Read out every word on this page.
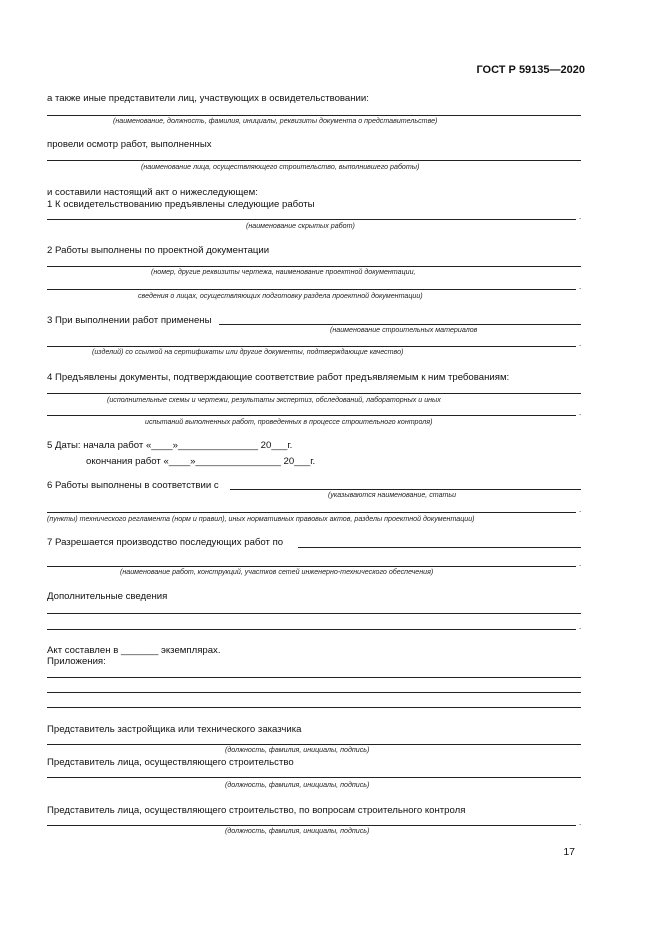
ГОСТ Р 59135—2020
а также иные представители лиц, участвующих в освидетельствовании:
(наименование, должность, фамилия, инициалы, реквизиты документа о представительстве)
провели осмотр работ, выполненных
(наименование лица, осуществляющего строительство, выполнившего работы)
и составили настоящий акт о нижеследующем:
1 К освидетельствованию предъявлены следующие работы
.
(наименование скрытых работ)
2 Работы выполнены по проектной документации
(номер, другие реквизиты чертежа, наименование проектной документации,
.
сведения о лицах, осуществляющих подготовку раздела проектной документации)
3 При выполнении работ применены
(наименование строительных материалов
.
(изделий) со ссылкой на сертификаты или другие документы, подтверждающие качество)
4 Предъявлены документы, подтверждающие соответствие работ предъявляемым к ним требованиям:
(исполнительные схемы и чертежи, результаты экспертиз, обследований, лабораторных и иных
.
испытаний выполненных работ, проведенных в процессе строительного контроля)
5 Даты: начала работ «____»_______________ 20___г.
окончания работ «____»________________ 20___г.
6 Работы выполнены в соответствии с
(указываются наименование, статьи
.
(пункты) технического регламента (норм и правил), иных нормативных правовых актов, разделы проектной документации)
7 Разрешается производство последующих работ по
.
(наименование работ, конструкций, участков сетей инженерно-технического обеспечения)
Дополнительные сведения
.
Акт составлен в _______ экземплярах.
Приложения:
Представитель застройщика или технического заказчика
(должность, фамилия, инициалы, подпись)
Представитель лица, осуществляющего строительство
(должность, фамилия, инициалы, подпись)
Представитель лица, осуществляющего строительство, по вопросам строительного контроля
.
(должность, фамилия, инициалы, подпись)
17
